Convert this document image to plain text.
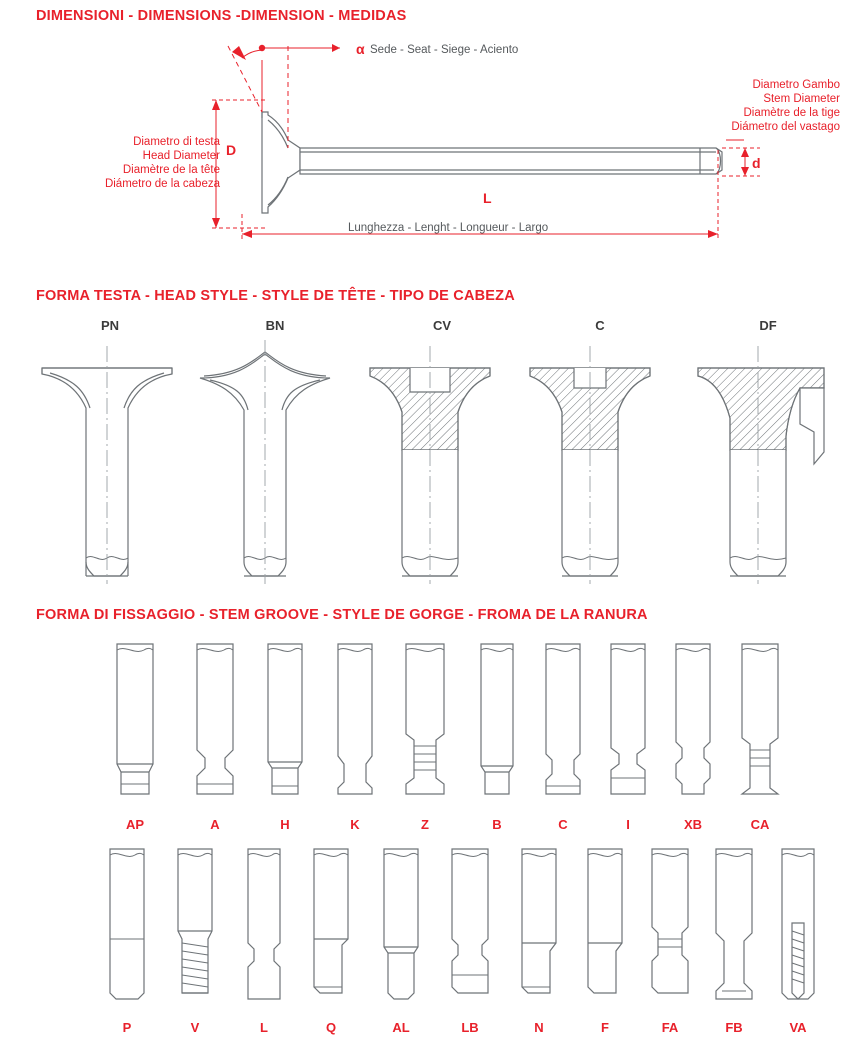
DIMENSIONI - DIMENSIONS -DIMENSION - MEDIDAS
α Sede - Seat - Siege - Aciento
Diametro Gambo
Stem Diameter
Diamètre de la tige
Diámetro del vastago
Diametro di testa
Head Diameter
Diamètre de la tête
Diámetro de la cabeza
D
d
L
Lunghezza - Lenght - Longueur - Largo
FORMA TESTA - HEAD STYLE - STYLE DE TÊTE - TIPO DE CABEZA
PN	BN	CV	C	DF
FORMA DI FISSAGGIO - STEM GROOVE - STYLE DE GORGE - FROMA DE LA RANURA
AP	A	H	K	Z	B	C	I	XB	CA
P	V	L	Q	AL	LB	N	F	FA	FB	VA
